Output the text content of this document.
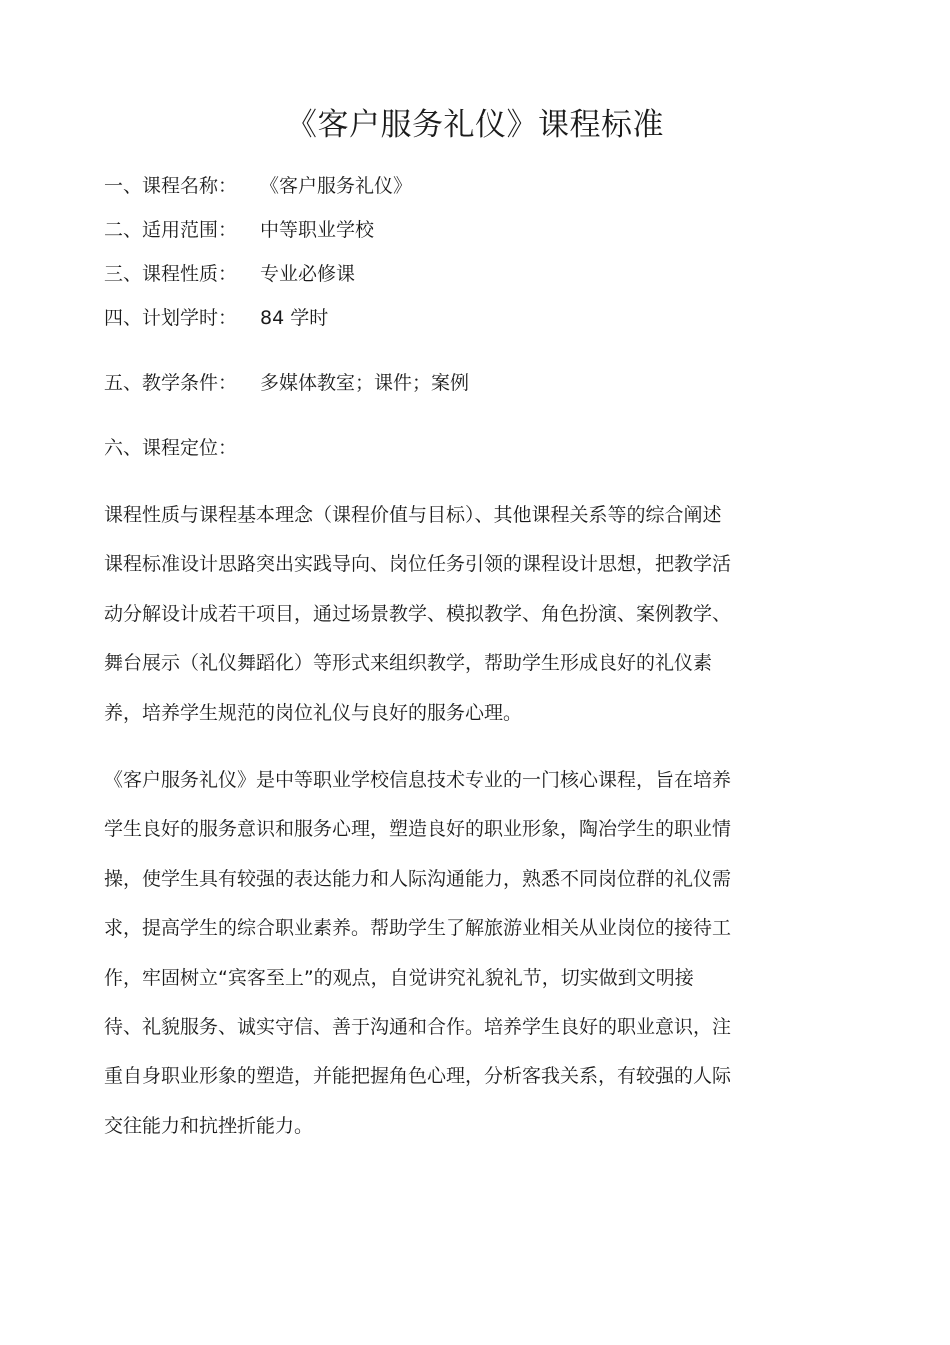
《客户服务礼仪》课程标准
一、课程名称： 《客户服务礼仪》
二、适用范围： 中等职业学校
三、课程性质： 专业必修课
四、计划学时： 84 学时
五、教学条件： 多媒体教室；课件；案例
六、课程定位：
课程性质与课程基本理念（课程价值与目标）、其他课程关系等的综合阐述
课程标准设计思路突出实践导向、岗位任务引领的课程设计思想，把教学活
动分解设计成若干项目，通过场景教学、模拟教学、角色扮演、案例教学、
舞台展示（礼仪舞蹈化）等形式来组织教学，帮助学生形成良好的礼仪素
养，培养学生规范的岗位礼仪与良好的服务心理。
《客户服务礼仪》是中等职业学校信息技术专业的一门核心课程，旨在培养
学生良好的服务意识和服务心理，塑造良好的职业形象，陶冶学生的职业情
操，使学生具有较强的表达能力和人际沟通能力，熟悉不同岗位群的礼仪需
求，提高学生的综合职业素养。帮助学生了解旅游业相关从业岗位的接待工
作，牢固树立“宾客至上”的观点，自觉讲究礼貌礼节，切实做到文明接
待、礼貌服务、诚实守信、善于沟通和合作。培养学生良好的职业意识，注
重自身职业形象的塑造，并能把握角色心理，分析客我关系，有较强的人际
交往能力和抗挫折能力。
